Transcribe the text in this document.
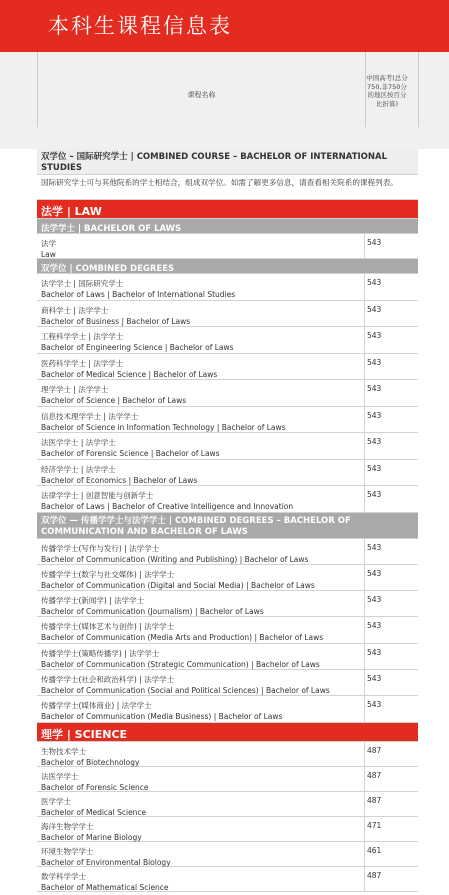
本科生课程信息表
课程名称
中国高考(总分750,非750分的地区按百分比折算)
双学位 – 国际研究学士 | COMBINED COURSE – BACHELOR OF INTERNATIONAL STUDIES
国际研究学士可与其他院系的学士相结合，组成双学位。如需了解更多信息，请查看相关院系的课程列表。
法学 | LAW
法学学士 | BACHELOR OF LAWS
法学
Law
543
双学位 | COMBINED DEGREES
法学学士 | 国际研究学士
Bachelor of Laws | Bachelor of International Studies
543
商科学士 | 法学学士
Bachelor of Business | Bachelor of Laws
543
工程科学学士 | 法学学士
Bachelor of Engineering Science | Bachelor of Laws
543
医药科学学士 | 法学学士
Bachelor of Medical Science | Bachelor of Laws
543
理学学士 | 法学学士
Bachelor of Science | Bachelor of Laws
543
信息技术理学学士 | 法学学士
Bachelor of Science in Information Technology | Bachelor of Laws
543
法医学学士 | 法学学士
Bachelor of Forensic Science | Bachelor of Laws
543
经济学学士 | 法学学士
Bachelor of Economics | Bachelor of Laws
543
法律学学士 | 创意智能与创新学士
Bachelor of Laws | Bachelor of Creative Intelligence and Innovation
543
双学位 — 传播学学士与法学学士 | COMBINED DEGREES – BACHELOR OF COMMUNICATION AND BACHELOR OF LAWS
传播学学士(写作与发行) | 法学学士
Bachelor of Communication (Writing and Publishing) | Bachelor of Laws
543
传播学学士(数字与社交媒体) | 法学学士
Bachelor of Communication (Digital and Social Media) | Bachelor of Laws
543
传播学学士(新闻学) | 法学学士
Bachelor of Communication (Journalism) | Bachelor of Laws
543
传播学学士(媒体艺术与创作) | 法学学士
Bachelor of Communication (Media Arts and Production) | Bachelor of Laws
543
传播学学士(策略传播学) | 法学学士
Bachelor of Communication (Strategic Communication) | Bachelor of Laws
543
传播学学士(社会和政治科学) | 法学学士
Bachelor of Communication (Social and Political Sciences) | Bachelor of Laws
543
传播学学士(媒体商业) | 法学学士
Bachelor of Communication (Media Business) | Bachelor of Laws
543
理学 | SCIENCE
生物技术学士
Bachelor of Biotechnology
487
法医学学士
Bachelor of Forensic Science
487
医学学士
Bachelor of Medical Science
487
海洋生物学学士
Bachelor of Marine Biology
471
环境生物学学士
Bachelor of Environmental Biology
461
数学科学学士
Bachelor of Mathematical Science
487
